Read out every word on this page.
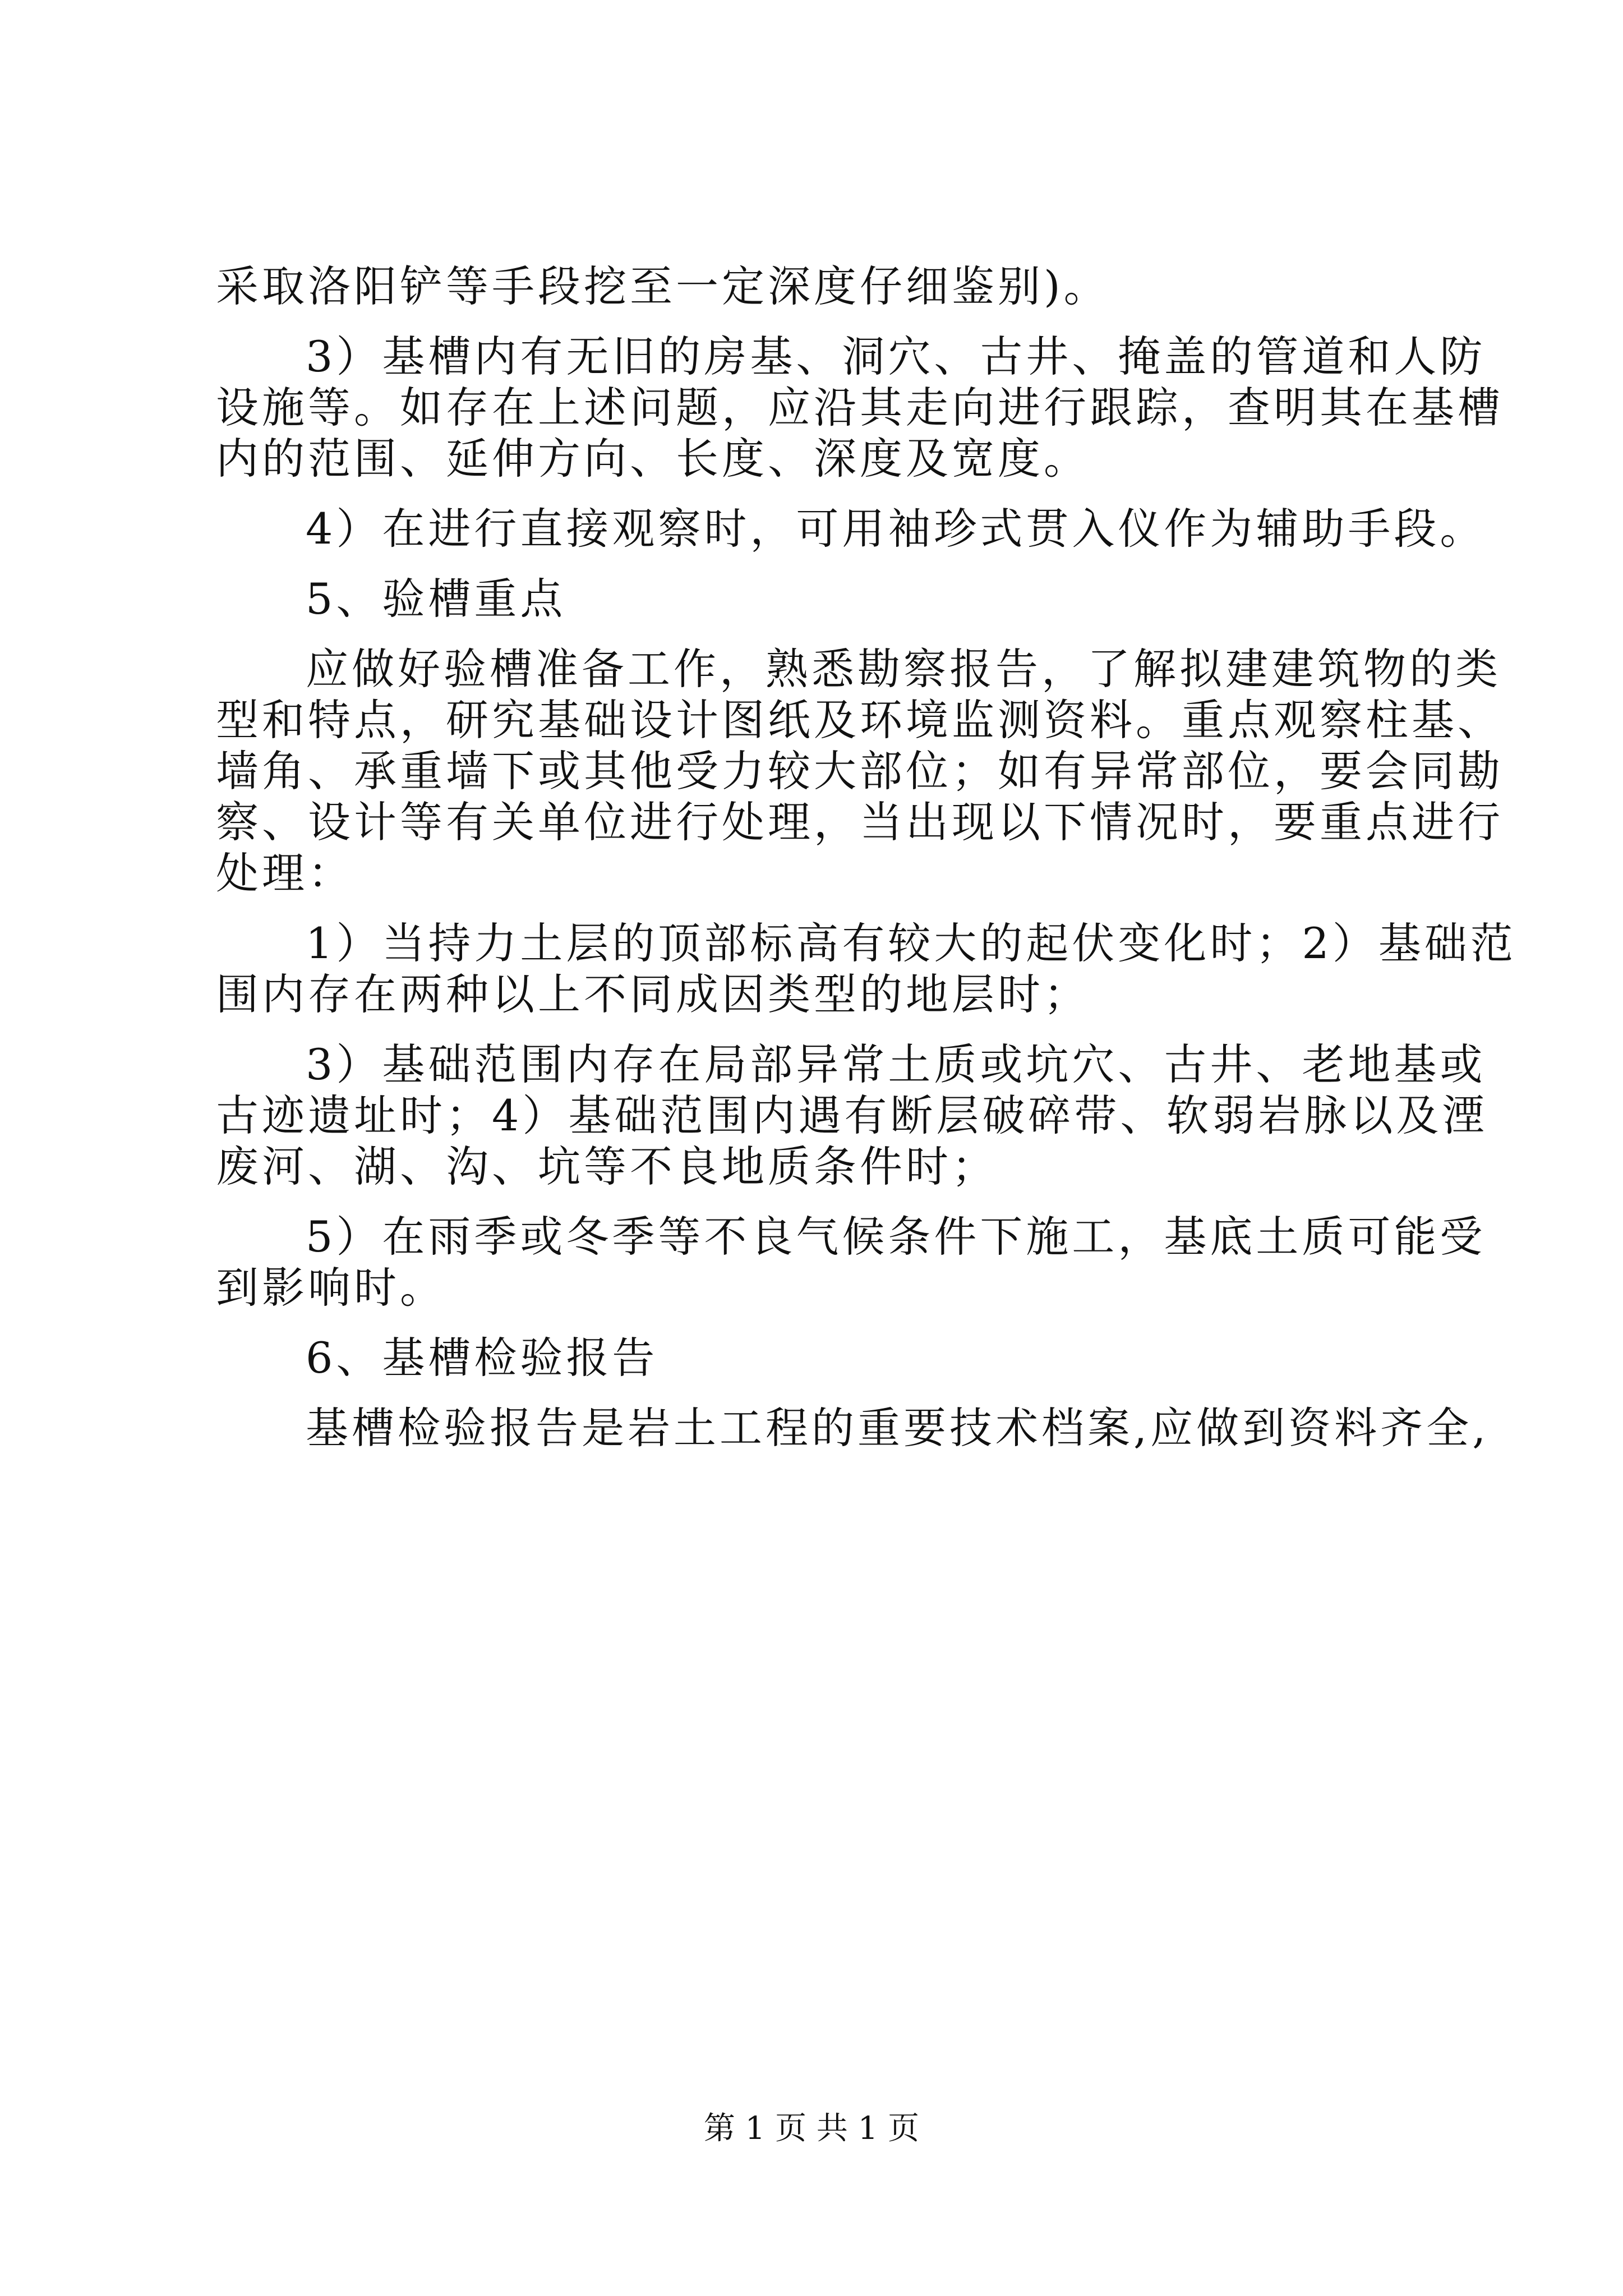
采取洛阳铲等手段挖至一定深度仔细鉴别)。
3）基槽内有无旧的房基、洞穴、古井、掩盖的管道和人防
设施等。如存在上述问题，应沿其走向进行跟踪，查明其在基槽
内的范围、延伸方向、长度、深度及宽度。
4）在进行直接观察时，可用袖珍式贯入仪作为辅助手段。
5、验槽重点
应做好验槽准备工作，熟悉勘察报告，了解拟建建筑物的类
型和特点，研究基础设计图纸及环境监测资料。重点观察柱基、
墙角、承重墙下或其他受力较大部位；如有异常部位，要会同勘
察、设计等有关单位进行处理，当出现以下情况时，要重点进行
处理：
1）当持力土层的顶部标高有较大的起伏变化时；2）基础范
围内存在两种以上不同成因类型的地层时；
3）基础范围内存在局部异常土质或坑穴、古井、老地基或
古迹遗址时；4）基础范围内遇有断层破碎带、软弱岩脉以及湮
废河、湖、沟、坑等不良地质条件时；
5）在雨季或冬季等不良气候条件下施工，基底土质可能受
到影响时。
6、基槽检验报告
基槽检验报告是岩土工程的重要技术档案,应做到资料齐全,
第 1 页 共 1 页
